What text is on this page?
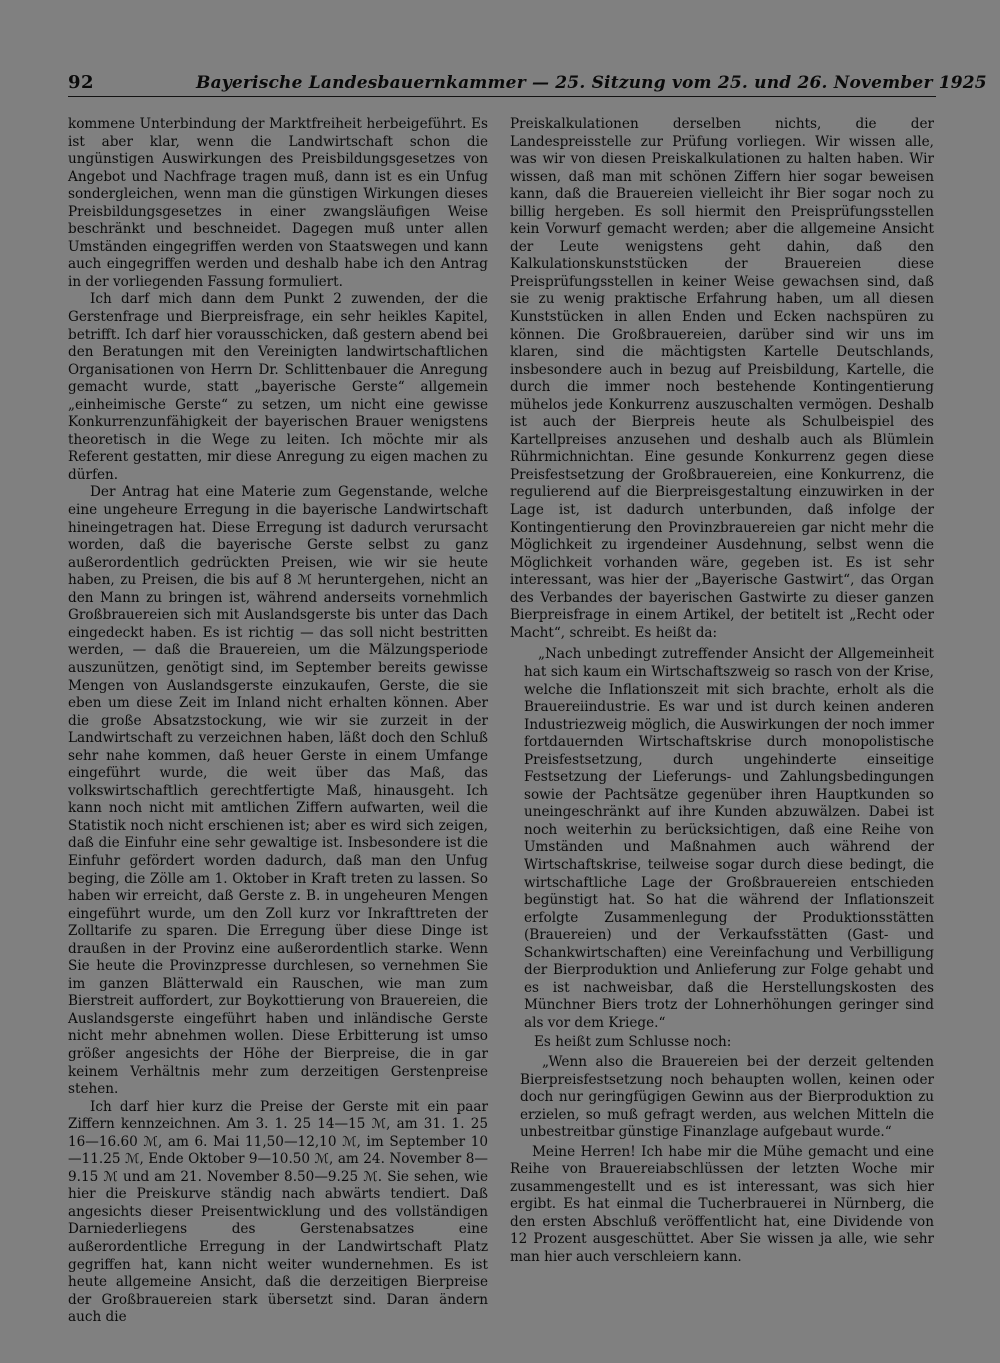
92	Bayerische Landesbauernkammer — 25. Sitzung vom 25. und 26. November 1925

kommene Unterbindung der Marktfreiheit herbeigeführt. Es ist aber klar, wenn die Landwirtschaft schon die ungünstigen Auswirkungen des Preisbildungsgesetzes von Angebot und Nachfrage tragen muß, dann ist es ein Unfug sondergleichen, wenn man die günstigen Wirkungen dieses Preisbildungsgesetzes in einer zwangsläufigen Weise beschränkt und beschneidet. Dagegen muß unter allen Umständen eingegriffen werden von Staatswegen und kann auch eingegriffen werden und deshalb habe ich den Antrag in der vorliegenden Fassung formuliert.

Ich darf mich dann dem Punkt 2 zuwenden, der die Gerstenfrage und Bierpreisfrage, ein sehr heikles Kapitel, betrifft. Ich darf hier vorausschicken, daß gestern abend bei den Beratungen mit den Vereinigten landwirtschaftlichen Organisationen von Herrn Dr. Schlittenbauer die Anregung gemacht wurde, statt „bayerische Gerste“ allgemein „einheimische Gerste“ zu setzen, um nicht eine gewisse Konkurrenzunfähigkeit der bayerischen Brauer wenigstens theoretisch in die Wege zu leiten. Ich möchte mir als Referent gestatten, mir diese Anregung zu eigen machen zu dürfen.

Der Antrag hat eine Materie zum Gegenstande, welche eine ungeheure Erregung in die bayerische Landwirtschaft hineingetragen hat. Diese Erregung ist dadurch verursacht worden, daß die bayerische Gerste selbst zu ganz außerordentlich gedrückten Preisen, wie wir sie heute haben, zu Preisen, die bis auf 8 ℳ heruntergehen, nicht an den Mann zu bringen ist, während anderseits vornehmlich Großbrauereien sich mit Auslandsgerste bis unter das Dach eingedeckt haben. Es ist richtig — das soll nicht bestritten werden, — daß die Brauereien, um die Mälzungsperiode auszunützen, genötigt sind, im September bereits gewisse Mengen von Auslandsgerste einzukaufen, Gerste, die sie eben um diese Zeit im Inland nicht erhalten können. Aber die große Absatzstockung, wie wir sie zurzeit in der Landwirtschaft zu verzeichnen haben, läßt doch den Schluß sehr nahe kommen, daß heuer Gerste in einem Umfange eingeführt wurde, die weit über das Maß, das volkswirtschaftlich gerechtfertigte Maß, hinausgeht. Ich kann noch nicht mit amtlichen Ziffern aufwarten, weil die Statistik noch nicht erschienen ist; aber es wird sich zeigen, daß die Einfuhr eine sehr gewaltige ist. Insbesondere ist die Einfuhr gefördert worden dadurch, daß man den Unfug beging, die Zölle am 1. Oktober in Kraft treten zu lassen. So haben wir erreicht, daß Gerste z. B. in ungeheuren Mengen eingeführt wurde, um den Zoll kurz vor Inkrafttreten der Zolltarife zu sparen. Die Erregung über diese Dinge ist draußen in der Provinz eine außerordentlich starke. Wenn Sie heute die Provinzpresse durchlesen, so vernehmen Sie im ganzen Blätterwald ein Rauschen, wie man zum Bierstreit auffordert, zur Boykottierung von Brauereien, die Auslandsgerste eingeführt haben und inländische Gerste nicht mehr abnehmen wollen. Diese Erbitterung ist umso größer angesichts der Höhe der Bierpreise, die in gar keinem Verhältnis mehr zum derzeitigen Gerstenpreise stehen.

Ich darf hier kurz die Preise der Gerste mit ein paar Ziffern kennzeichnen. Am 3. 1. 25 14—15 ℳ, am 31. 1. 25 16—16.60 ℳ, am 6. Mai 11,50—12,10 ℳ, im September 10—11.25 ℳ, Ende Oktober 9—10.50 ℳ, am 24. November 8—9.15 ℳ und am 21. November 8.50—9.25 ℳ. Sie sehen, wie hier die Preiskurve ständig nach abwärts tendiert. Daß angesichts dieser Preisentwicklung und des vollständigen Darniederliegens des Gerstenabsatzes eine außerordentliche Erregung in der Landwirtschaft Platz gegriffen hat, kann nicht weiter wundernehmen. Es ist heute allgemeine Ansicht, daß die derzeitigen Bierpreise der Großbrauereien stark übersetzt sind. Daran ändern auch die

Preiskalkulationen derselben nichts, die der Landespreisstelle zur Prüfung vorliegen. Wir wissen alle, was wir von diesen Preiskalkulationen zu halten haben. Wir wissen, daß man mit schönen Ziffern hier sogar beweisen kann, daß die Brauereien vielleicht ihr Bier sogar noch zu billig hergeben. Es soll hiermit den Preisprüfungsstellen kein Vorwurf gemacht werden; aber die allgemeine Ansicht der Leute wenigstens geht dahin, daß den Kalkulationskunststücken der Brauereien diese Preisprüfungsstellen in keiner Weise gewachsen sind, daß sie zu wenig praktische Erfahrung haben, um all diesen Kunststücken in allen Enden und Ecken nachspüren zu können. Die Großbrauereien, darüber sind wir uns im klaren, sind die mächtigsten Kartelle Deutschlands, insbesondere auch in bezug auf Preisbildung, Kartelle, die durch die immer noch bestehende Kontingentierung mühelos jede Konkurrenz auszuschalten vermögen. Deshalb ist auch der Bierpreis heute als Schulbeispiel des Kartellpreises anzusehen und deshalb auch als Blümlein Rührmichnichtan. Eine gesunde Konkurrenz gegen diese Preisfestsetzung der Großbrauereien, eine Konkurrenz, die regulierend auf die Bierpreisgestaltung einzuwirken in der Lage ist, ist dadurch unterbunden, daß infolge der Kontingentierung den Provinzbrauereien gar nicht mehr die Möglichkeit zu irgendeiner Ausdehnung, selbst wenn die Möglichkeit vorhanden wäre, gegeben ist. Es ist sehr interessant, was hier der „Bayerische Gastwirt“, das Organ des Verbandes der bayerischen Gastwirte zu dieser ganzen Bierpreisfrage in einem Artikel, der betitelt ist „Recht oder Macht“, schreibt. Es heißt da:

„Nach unbedingt zutreffender Ansicht der Allgemeinheit hat sich kaum ein Wirtschaftszweig so rasch von der Krise, welche die Inflationszeit mit sich brachte, erholt als die Brauereiindustrie. Es war und ist durch keinen anderen Industriezweig möglich, die Auswirkungen der noch immer fortdauernden Wirtschaftskrise durch monopolistische Preisfestsetzung, durch ungehinderte einseitige Festsetzung der Lieferungs- und Zahlungsbedingungen sowie der Pachtsätze gegenüber ihren Hauptkunden so uneingeschränkt auf ihre Kunden abzuwälzen. Dabei ist noch weiterhin zu berücksichtigen, daß eine Reihe von Umständen und Maßnahmen auch während der Wirtschaftskrise, teilweise sogar durch diese bedingt, die wirtschaftliche Lage der Großbrauereien entschieden begünstigt hat. So hat die während der Inflationszeit erfolgte Zusammenlegung der Produktionsstätten (Brauereien) und der Verkaufsstätten (Gast- und Schankwirtschaften) eine Vereinfachung und Verbilligung der Bierproduktion und Anlieferung zur Folge gehabt und es ist nachweisbar, daß die Herstellungskosten des Münchner Biers trotz der Lohnerhöhungen geringer sind als vor dem Kriege.“

Es heißt zum Schlusse noch:

„Wenn also die Brauereien bei der derzeit geltenden Bierpreisfestsetzung noch behaupten wollen, keinen oder doch nur geringfügigen Gewinn aus der Bierproduktion zu erzielen, so muß gefragt werden, aus welchen Mitteln die unbestreitbar günstige Finanzlage aufgebaut wurde.“

Meine Herren! Ich habe mir die Mühe gemacht und eine Reihe von Brauereiabschlüssen der letzten Woche mir zusammengestellt und es ist interessant, was sich hier ergibt. Es hat einmal die Tucherbrauerei in Nürnberg, die den ersten Abschluß veröffentlicht hat, eine Dividende von 12 Prozent ausgeschüttet. Aber Sie wissen ja alle, wie sehr man hier auch verschleiern kann.
